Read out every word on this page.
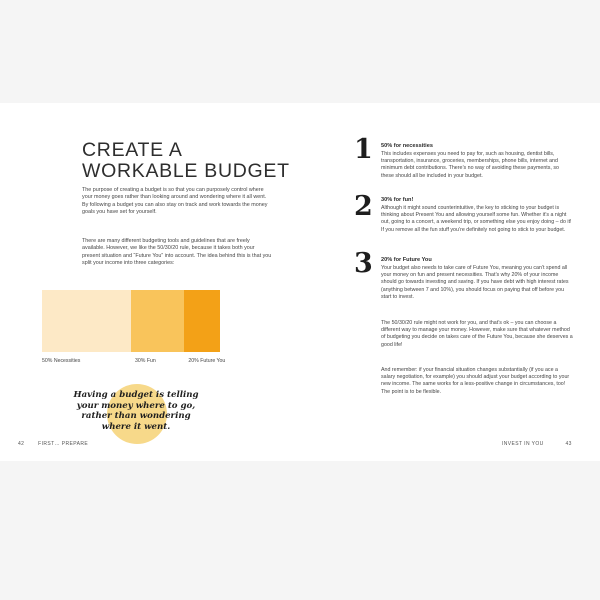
CREATE A
WORKABLE BUDGET

The purpose of creating a budget is so that you can purposely control where your money goes rather than looking around and wondering where it all went. By following a budget you can also stay on track and work towards the money goals you have set for yourself.

There are many different budgeting tools and guidelines that are freely available. However, we like the 50/30/20 rule, because it takes both your present situation and “Future You” into account. The idea behind this is that you split your income into three categories:

50% Necessities	30% Fun	20% Future You

Having a budget is telling your money where to go, rather than wondering where it went.

42	FIRST… PREPARE
1 50% for necessities

This includes expenses you need to pay for, such as housing, dentist bills, transportation, insurance, groceries, memberships, phone bills, internet and minimum debt contributions. There’s no way of avoiding these payments, so these should all be included in your budget.

2 30% for fun!

Although it might sound counterintuitive, the key to sticking to your budget is thinking about Present You and allowing yourself some fun. Whether it’s a night out, going to a concert, a weekend trip, or something else you enjoy doing – do it! If you remove all the fun stuff you’re definitely not going to stick to your budget.

3 20% for Future You

Your budget also needs to take care of Future You, meaning you can’t spend all your money on fun and present necessities. That’s why 20% of your income should go towards investing and saving. If you have debt with high interest rates (anything between 7 and 10%), you should focus on paying that off before you start to invest.

The 50/30/20 rule might not work for you, and that’s ok – you can choose a different way to manage your money. However, make sure that whatever method of budgeting you decide on takes care of the Future You, because she deserves a good life!

And remember: if your financial situation changes substantially (if you ace a salary negotiation, for example) you should adjust your budget according to your new income. The same works for a less-positive change in circumstances, too! The point is to be flexible.

INVEST IN YOU	43
